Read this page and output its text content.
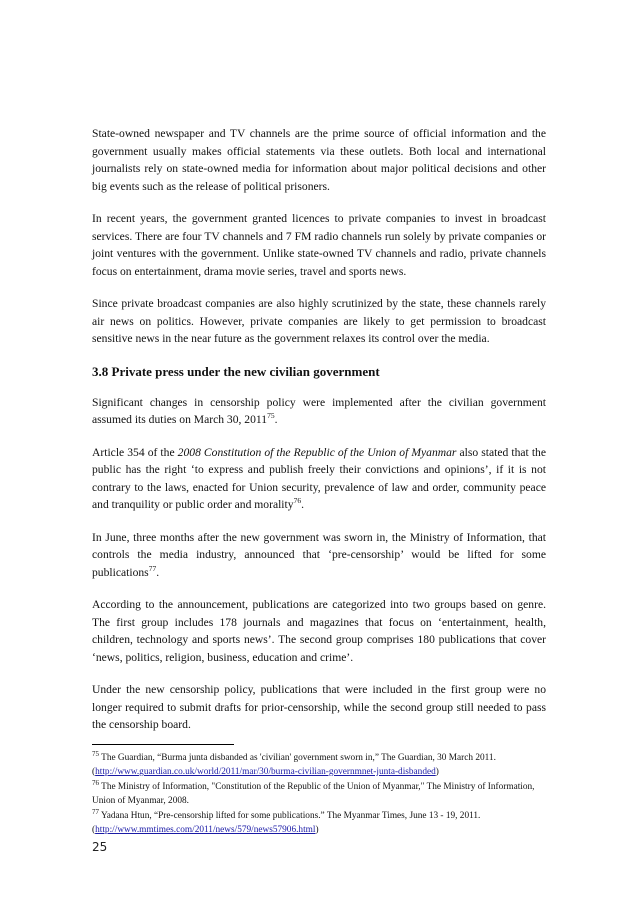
State-owned newspaper and TV channels are the prime source of official information and the government usually makes official statements via these outlets. Both local and international journalists rely on state-owned media for information about major political decisions and other big events such as the release of political prisoners.

In recent years, the government granted licences to private companies to invest in broadcast services. There are four TV channels and 7 FM radio channels run solely by private companies or joint ventures with the government. Unlike state-owned TV channels and radio, private channels focus on entertainment, drama movie series, travel and sports news.

Since private broadcast companies are also highly scrutinized by the state, these channels rarely air news on politics. However, private companies are likely to get permission to broadcast sensitive news in the near future as the government relaxes its control over the media.

3.8 Private press under the new civilian government

Significant changes in censorship policy were implemented after the civilian government assumed its duties on March 30, 2011$^{75}$.

Article 354 of the 2008 Constitution of the Republic of the Union of Myanmar also stated that the public has the right ‘to express and publish freely their convictions and opinions’, if it is not contrary to the laws, enacted for Union security, prevalence of law and order, community peace and tranquility or public order and morality$^{76}$.

In June, three months after the new government was sworn in, the Ministry of Information, that controls the media industry, announced that ‘pre-censorship’ would be lifted for some publications$^{77}$.

According to the announcement, publications are categorized into two groups based on genre. The first group includes 178 journals and magazines that focus on ‘entertainment, health, children, technology and sports news’. The second group comprises 180 publications that cover ‘news, politics, religion, business, education and crime’.

Under the new censorship policy, publications that were included in the first group were no longer required to submit drafts for prior-censorship, while the second group still needed to pass the censorship board.

$^{75}$ The Guardian, “Burma junta disbanded as 'civilian' government sworn in,” The Guardian, 30 March 2011. (http://www.guardian.co.uk/world/2011/mar/30/burma-civilian-governmnet-junta-disbanded)

$^{76}$ The Ministry of Information, "Constitution of the Republic of the Union of Myanmar," The Ministry of Information, Union of Myanmar, 2008.

$^{77}$ Yadana Htun, “Pre-censorship lifted for some publications.” The Myanmar Times, June 13 - 19, 2011. (http://www.mmtimes.com/2011/news/579/news57906.html)

25
